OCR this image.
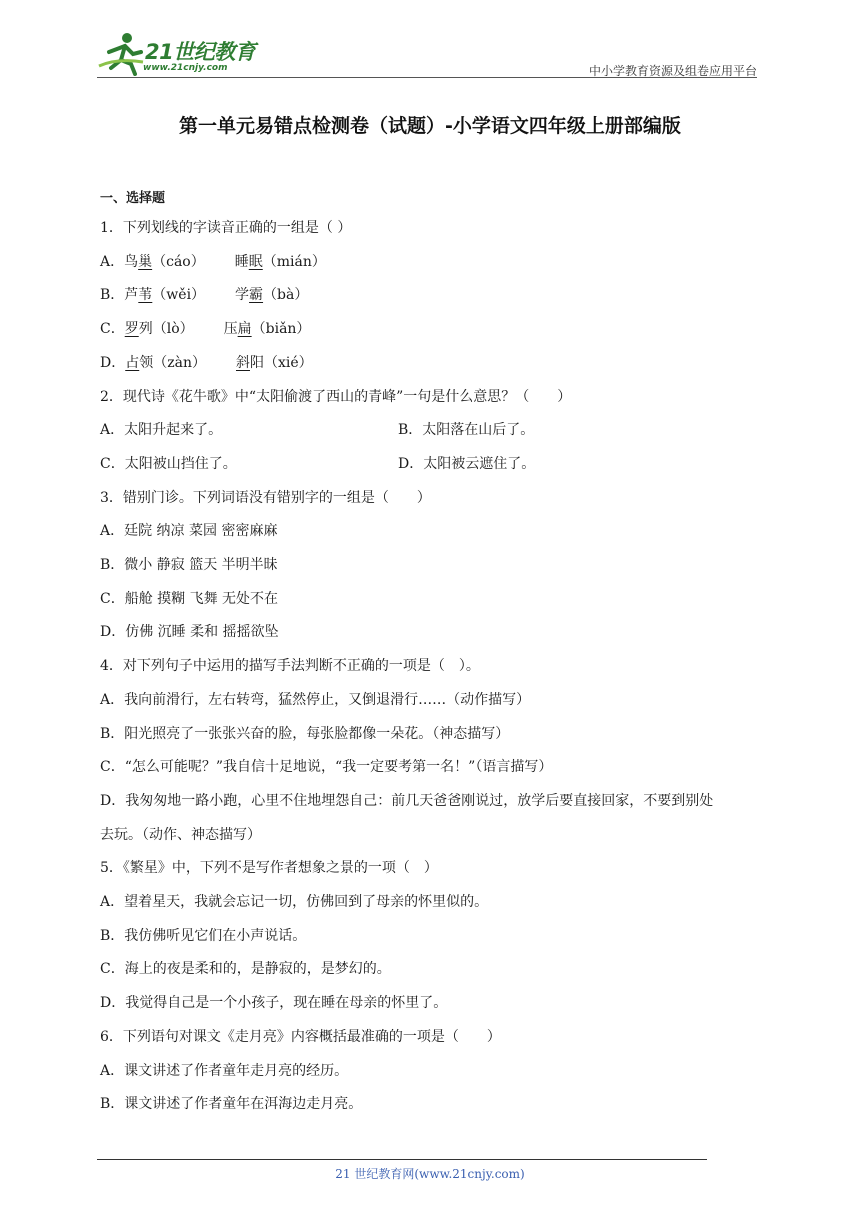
21世纪教育
www.21cnjy.com	中小学教育资源及组卷应用平台
第一单元易错点检测卷（试题）-小学语文四年级上册部编版
一、选择题
1．下列划线的字读音正确的一组是（ ）
A．鸟巢（cáo） 睡眠（mián）
B．芦苇（wěi） 学霸（bà）
C．罗列（lò） 压扁（biǎn）
D．占领（zàn） 斜阳（xié）
2．现代诗《花牛歌》中“太阳偷渡了西山的青峰”一句是什么意思？（　　）
A．太阳升起来了。	B．太阳落在山后了。
C．太阳被山挡住了。	D．太阳被云遮住了。
3．错别门诊。下列词语没有错别字的一组是（　　）
A．廷院 纳凉 菜园 密密麻麻
B．微小 静寂 篮天 半明半昧
C．船舱 摸糊 飞舞 无处不在
D．仿佛 沉睡 柔和 摇摇欲坠
4．对下列句子中运用的描写手法判断不正确的一项是（　）。
A．我向前滑行，左右转弯，猛然停止，又倒退滑行……（动作描写）
B．阳光照亮了一张张兴奋的脸，每张脸都像一朵花。（神态描写）
C．“怎么可能呢？”我自信十足地说，“我一定要考第一名！”（语言描写）
D．我匆匆地一路小跑，心里不住地埋怨自己：前几天爸爸刚说过，放学后要直接回家，不要到别处
去玩。（动作、神态描写）
5．《繁星》中，下列不是写作者想象之景的一项（　）
A．望着星天，我就会忘记一切，仿佛回到了母亲的怀里似的。
B．我仿佛听见它们在小声说话。
C．海上的夜是柔和的，是静寂的，是梦幻的。
D．我觉得自己是一个小孩子，现在睡在母亲的怀里了。
6．下列语句对课文《走月亮》内容概括最准确的一项是（　　）
A．课文讲述了作者童年走月亮的经历。
B．课文讲述了作者童年在洱海边走月亮。
21 世纪教育网(www.21cnjy.com)
